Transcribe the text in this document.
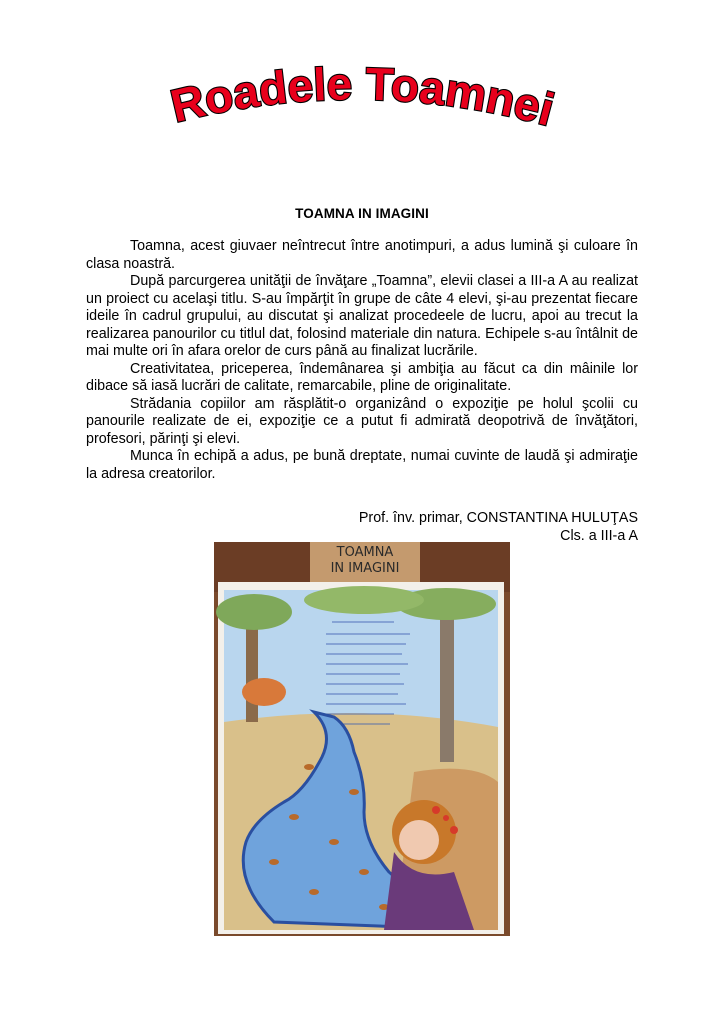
Roadele Toamnei
TOAMNA IN IMAGINI

Toamna, acest giuvaer neîntrecut între anotimpuri, a adus lumină şi culoare în clasa noastră.

După parcurgerea unităţii de învăţare „Toamna”, elevii clasei a III-a A au realizat un proiect cu acelaşi titlu. S-au împărţit în grupe de câte 4 elevi, şi-au prezentat fiecare ideile în cadrul grupului, au discutat şi analizat procedeele de lucru, apoi au trecut la realizarea panourilor cu titlul dat, folosind materiale din natura. Echipele s-au întâlnit de mai multe ori în afara orelor de curs până au finalizat lucrările.

Creativitatea, priceperea, îndemânarea şi ambiţia au făcut ca din mâinile lor dibace să iasă lucrări de calitate, remarcabile, pline de originalitate.

Strădania copiilor am răsplătit-o organizând o expoziţie pe holul şcolii cu panourile realizate de ei, expoziţie ce a putut fi admirată deopotrivă de învăţători, profesori, părinţi şi elevi.

Munca în echipă a adus, pe bună dreptate, numai cuvinte de laudă şi admiraţie la adresa creatorilor.

Prof. înv. primar, CONSTANTINA HULUŢAS
Cls. a III-a A
TOAMNA
IN IMAGINI
